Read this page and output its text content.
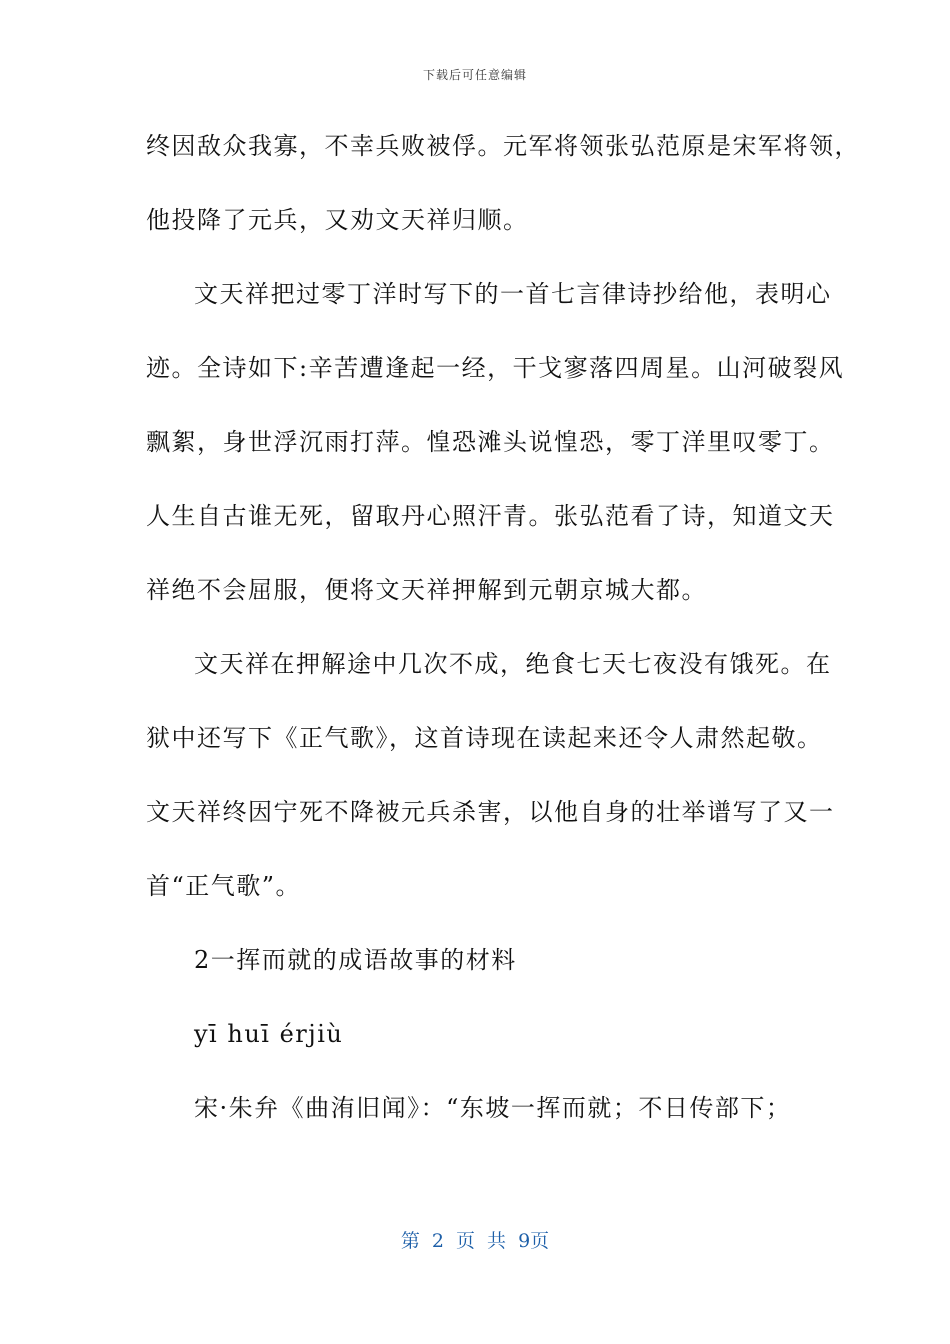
下载后可任意编辑
终因敌众我寡，不幸兵败被俘。元军将领张弘范原是宋军将领，
他投降了元兵，又劝文天祥归顺。
文天祥把过零丁洋时写下的一首七言律诗抄给他，表明心
迹。全诗如下:辛苦遭逢起一经，干戈寥落四周星。山河破裂风
飘絮，身世浮沉雨打萍。惶恐滩头说惶恐，零丁洋里叹零丁。
人生自古谁无死，留取丹心照汗青。张弘范看了诗，知道文天
祥绝不会屈服，便将文天祥押解到元朝京城大都。
文天祥在押解途中几次不成，绝食七天七夜没有饿死。在
狱中还写下《正气歌》，这首诗现在读起来还令人肃然起敬。
文天祥终因宁死不降被元兵杀害，以他自身的壮举谱写了又一
首“正气歌”。
2一挥而就的成语故事的材料
yī huī érjiù
宋·朱弁《曲洧旧闻》：“东坡一挥而就；不日传部下；
第 2 页 共 9页
